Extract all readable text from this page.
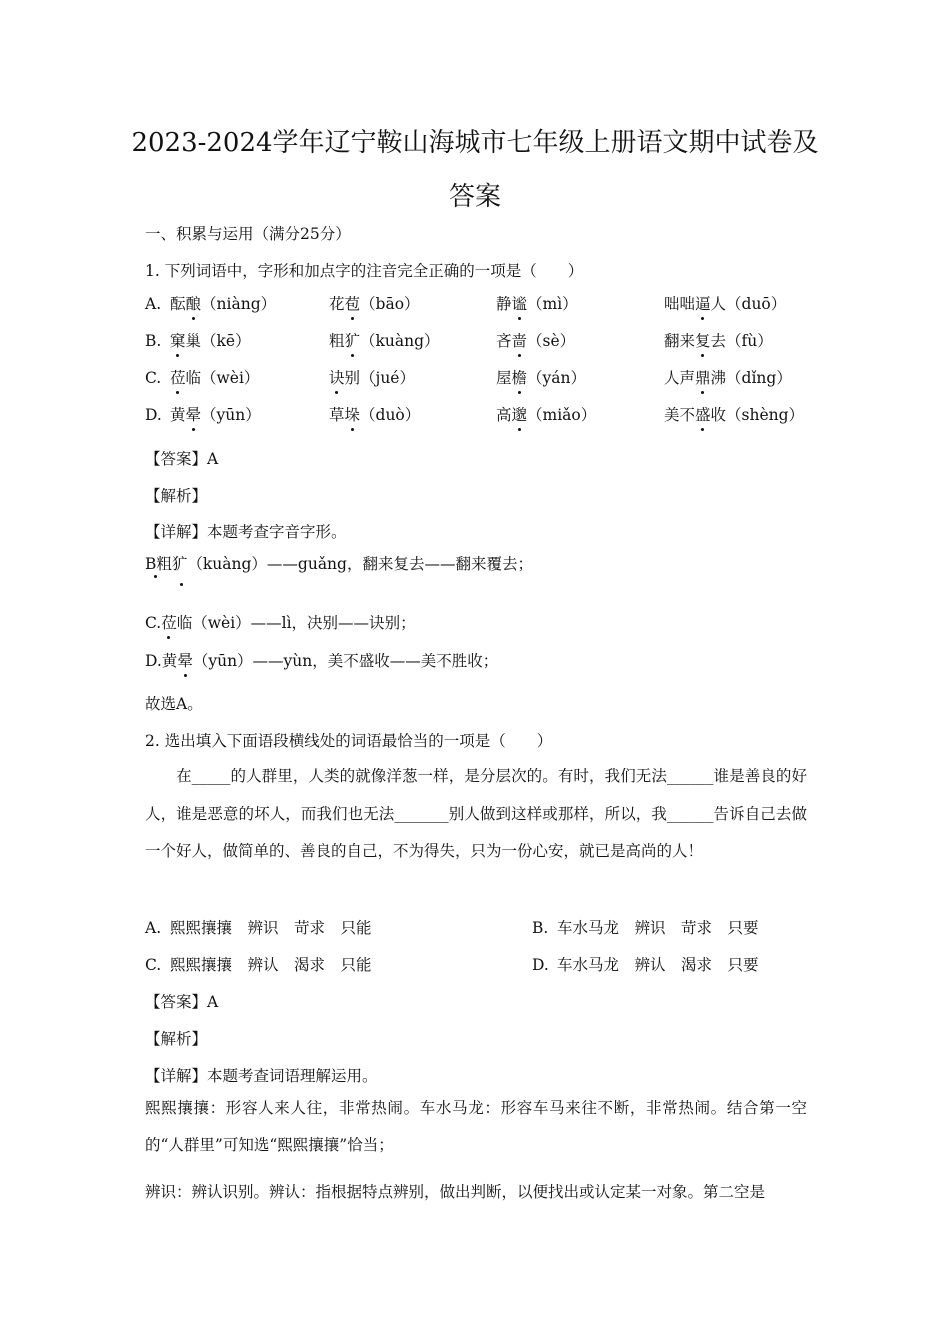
2023-2024学年辽宁鞍山海城市七年级上册语文期中试卷及
答案
一、积累与运用（满分25分）
1. 下列词语中，字形和加点字的注音完全正确的一项是（　　）
A. 酝酿（niàng）	花苞（bāo）	静谧（mì）	咄咄逼人（duō）
B. 窠巢（kē）	粗犷（kuàng）	吝啬（sè）	翻来复去（fù）
C. 莅临（wèi）	诀别（jué）	屋檐（yán）	人声鼎沸（dǐng）
D. 黄晕（yūn）	草垛（duò）	高邈（miǎo）	美不盛收（shèng）
【答案】A
【解析】
【详解】本题考查字音字形。
B粗犷（kuàng）——guǎng，翻来复去——翻来覆去；
C.莅临（wèi）——lì，决别——诀别；
D.黄晕（yūn）——yùn，美不盛收——美不胜收；
故选A。
2. 选出填入下面语段横线处的词语最恰当的一项是（　　）
在_____的人群里，人类的就像洋葱一样，是分层次的。有时，我们无法______谁是善良的好人，谁是恶意的坏人，而我们也无法_______别人做到这样或那样，所以，我______告诉自己去做一个好人，做简单的、善良的自己，不为得失，只为一份心安，就已是高尚的人！
A. 熙熙攘攘　辨识　苛求　只能	B. 车水马龙　辨识　苛求　只要
C. 熙熙攘攘　辨认　渴求　只能	D. 车水马龙　辨认　渴求　只要
【答案】A
【解析】
【详解】本题考查词语理解运用。
熙熙攘攘：形容人来人往，非常热闹。车水马龙：形容车马来往不断，非常热闹。结合第一空的“人群里”可知选“熙熙攘攘”恰当；
辨识：辨认识别。辨认：指根据特点辨别，做出判断，以便找出或认定某一对象。第二空是
